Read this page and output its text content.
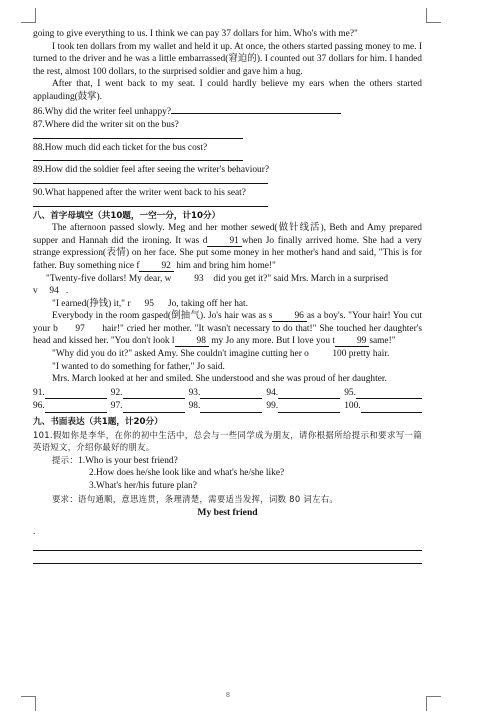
going to give everything to us. I think we can pay 37 dollars for him. Who's with me?"

I took ten dollars from my wallet and held it up. At once, the others started passing money to me. I turned to the driver and he was a little embarrassed(窘迫的). I counted out 37 dollars for him. I handed the rest, almost 100 dollars, to the surprised soldier and gave him a hug.

After that, I went back to my seat. I could hardly believe my ears when the others started applauding(鼓掌).

86.Why did the writer feel unhappy?
87.Where did the writer sit on the bus?
88.How much did each ticket for the bus cost?
89.How did the soldier feel after seeing the writer's behaviour?
90.What happened after the writer went back to his seat?
八、首字母填空（共10题，一空一分，计10分）

The afternoon passed slowly. Meg and her mother sewed(做针线活), Beth and Amy prepared supper and Hannah did the ironing. It was d 91 when Jo finally arrived home. She had a very strange expression(表情) on her face. She put some money in her mother's hand and said, "This is for father. Buy something nice f 92 him and bring him home!"

"Twenty-five dollars! My dear, w 93 did you get it?" said Mrs. March in a surprised

v 94 .

"I earned(挣钱) it," r 95 Jo, taking off her hat.

Everybody in the room gasped(倒抽气). Jo's hair was as s 96 as a boy's. "Your hair! You cut your b 97 hair!" cried her mother. "It wasn't necessary to do that!" She touched her daughter's head and kissed her. "You don't look l 98 my Jo any more. But I love you t 99 same!"

"Why did you do it?" asked Amy. She couldn't imagine cutting her o 100 pretty hair.

"I wanted to do something for father," Jo said.

Mrs. March looked at her and smiled. She understood and she was proud of her daughter.

91.	92.	93.	94.	95.
96.	97.	98.	99.	100.
九、书面表达（共1题，计20分）

101.假如你是李华，在你的初中生活中，总会与一些同学成为朋友，请你根据所给提示和要求写一篇英语短文，介绍你最好的朋友。

提示：1.Who is your best friend?
2.How does he/she look like and what's he/she like?
3.What's her/his future plan?
要求：语句通顺，意思连贯，条理清楚，需要适当发挥，词数 80 词左右。
My best friend
.
8
